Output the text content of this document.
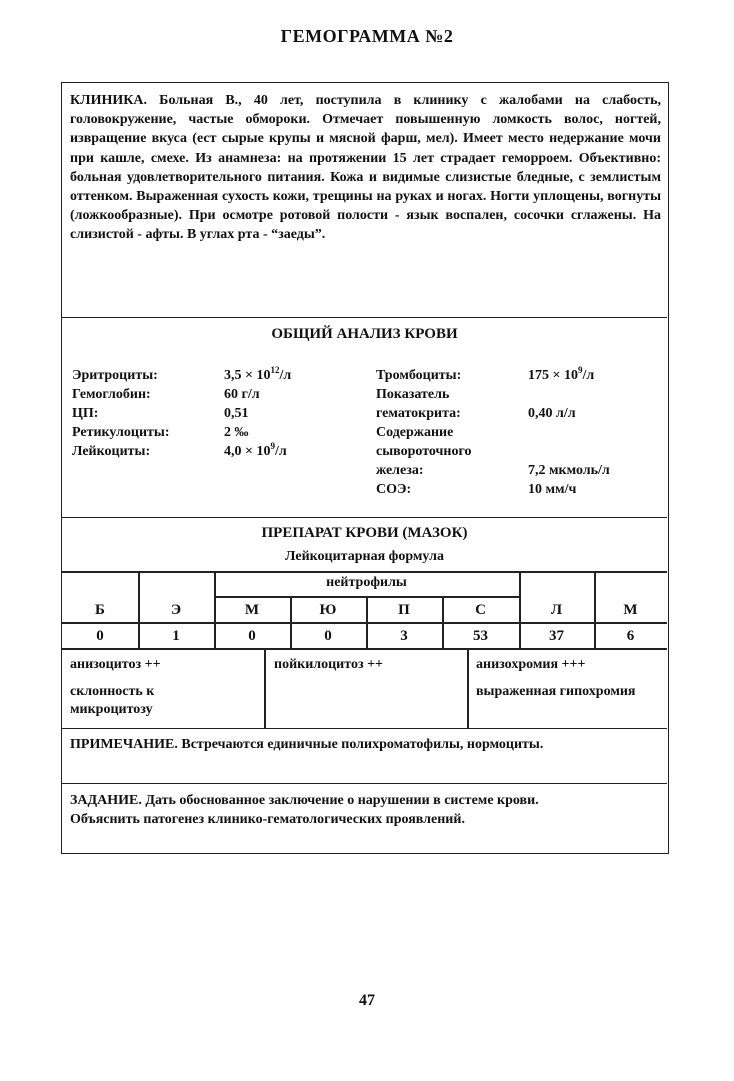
ГЕМОГРАММА №2
КЛИНИКА. Больная В., 40 лет, поступила в клинику с жалобами на слабость, головокружение, частые обмороки. Отмечает повышенную ломкость волос, ногтей, извращение вкуса (ест сырые крупы и мясной фарш, мел). Имеет место недержание мочи при кашле, смехе. Из анамнеза: на протяжении 15 лет страдает геморроем. Объективно: больная удовлетворительного питания. Кожа и видимые слизистые бледные, с землистым оттенком. Выраженная сухость кожи, трещины на руках и ногах. Ногти уплощены, вогнуты (ложкообразные). При осмотре ротовой полости - язык воспален, сосочки сглажены. На слизистой - афты. В углах рта - “заеды”.
ОБЩИЙ АНАЛИЗ КРОВИ
Эритроциты:	$3,5 \times 10^{12}/л$
Гемоглобин:	60 г/л
ЦП:	0,51
Ретикулоциты:	2 ‰
Лейкоциты:	$4,0 \times 10^9/л$
Тромбоциты:	$175 \times 10^9/л$
Показатель
гематокрита:	0,40 л/л
Содержание
сывороточного
железа:	7,2 мкмоль/л
СОЭ:	10 мм/ч
ПРЕПАРАТ КРОВИ (МАЗОК)
Лейкоцитарная формула
нейтрофилы
Б	Э	М	Ю	П	С	Л	М
0	1	0	0	3	53	37	6
анизоцитоз ++
склонность к
микроцитозу
пойкилоцитоз ++	анизохромия +++
выраженная гипохромия
ПРИМЕЧАНИЕ. Встречаются единичные полихроматофилы, нормоциты.
ЗАДАНИЕ. Дать обоснованное заключение о нарушении в системе крови.
Объяснить патогенез клинико-гематологических проявлений.
47
